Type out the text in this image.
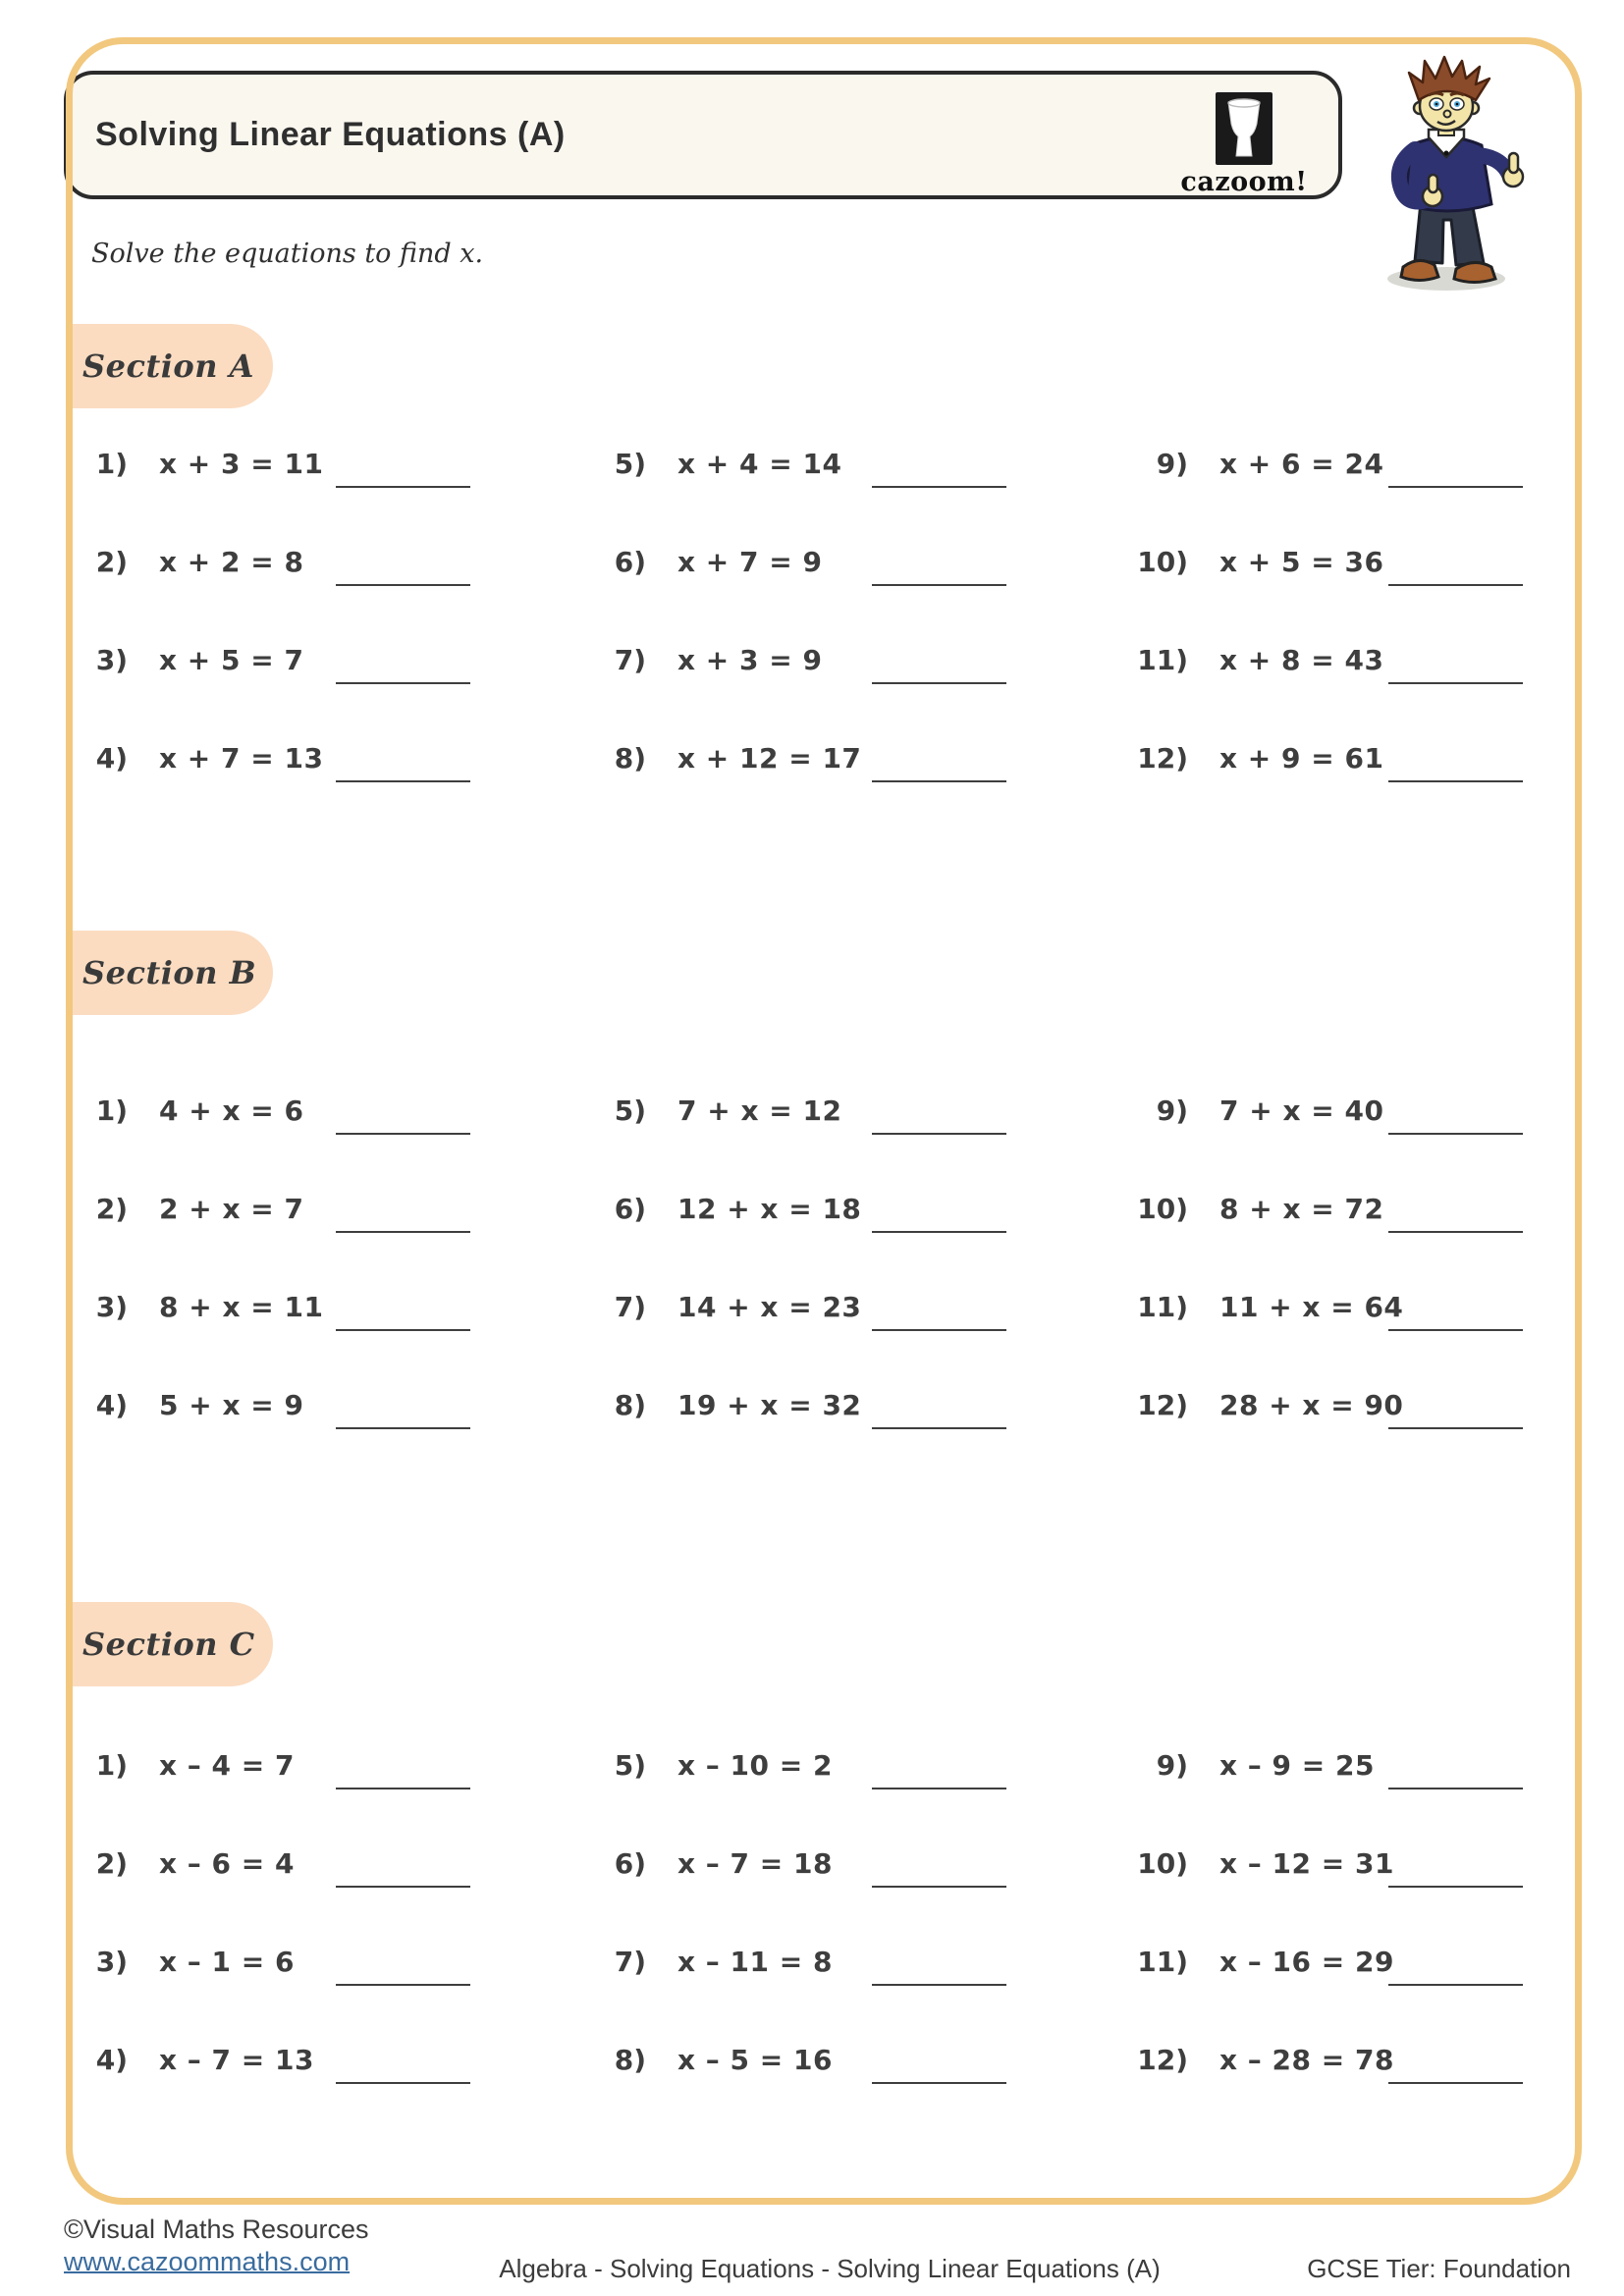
Solving Linear Equations (A)
cazoom!

Solve the equations to find x.

Section A
1) x + 3 = 11
2) x + 2 = 8
3) x + 5 = 7
4) x + 7 = 13
5) x + 4 = 14
6) x + 7 = 9
7) x + 3 = 9
8) x + 12 = 17
9) x + 6 = 24
10) x + 5 = 36
11) x + 8 = 43
12) x + 9 = 61
Section B
1) 4 + x = 6
2) 2 + x = 7
3) 8 + x = 11
4) 5 + x = 9
5) 7 + x = 12
6) 12 + x = 18
7) 14 + x = 23
8) 19 + x = 32
9) 7 + x = 40
10) 8 + x = 72
11) 11 + x = 64
12) 28 + x = 90
Section C
1) x – 4 = 7
2) x – 6 = 4
3) x – 1 = 6
4) x – 7 = 13
5) x – 10 = 2
6) x – 7 = 18
7) x – 11 = 8
8) x – 5 = 16
9) x – 9 = 25
10) x – 12 = 31
11) x – 16 = 29
12) x – 28 = 78

©Visual Maths Resources

www.cazoommaths.com	Algebra - Solving Equations - Solving Linear Equations (A)	GCSE Tier: Foundation
